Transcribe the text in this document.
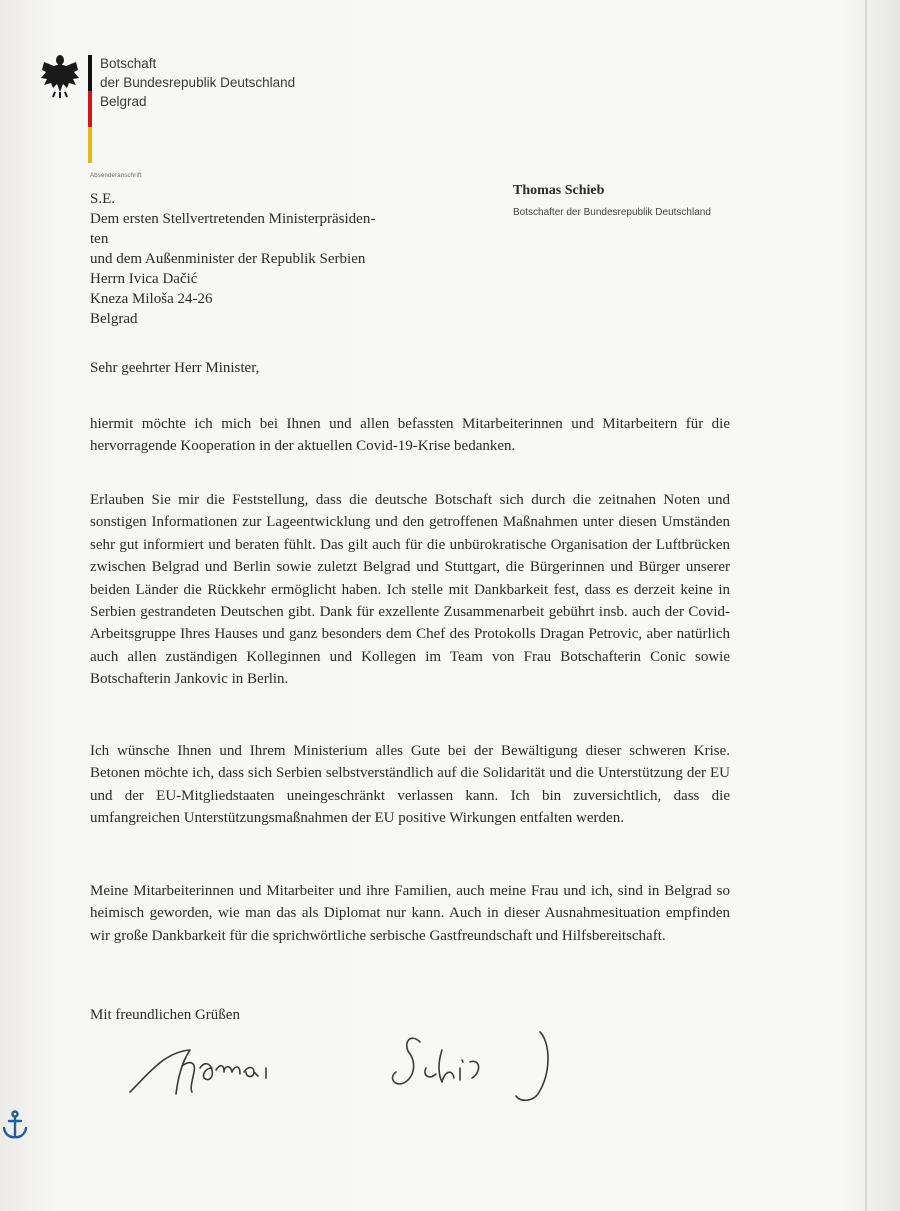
Botschaft
der Bundesrepublik Deutschland
Belgrad
Absenderanschrift
S.E.
Dem ersten Stellvertretenden Ministerpräsiden-
ten
und dem Außenminister der Republik Serbien
Herrn Ivica Dačić
Kneza Miloša 24-26
Belgrad
Thomas Schieb
Botschafter der Bundesrepublik Deutschland
Sehr geehrter Herr Minister,
hiermit möchte ich mich bei Ihnen und allen befassten Mitarbeiterinnen und Mitarbeitern für die hervorragende Kooperation in der aktuellen Covid-19-Krise bedanken.
Erlauben Sie mir die Feststellung, dass die deutsche Botschaft sich durch die zeitnahen Noten und sonstigen Informationen zur Lageentwicklung und den getroffenen Maßnahmen unter diesen Umständen sehr gut informiert und beraten fühlt. Das gilt auch für die unbürokratische Organisation der Luftbrücken zwischen Belgrad und Berlin sowie zuletzt Belgrad und Stuttgart, die Bürgerinnen und Bürger unserer beiden Länder die Rückkehr ermöglicht haben. Ich stelle mit Dankbarkeit fest, dass es derzeit keine in Serbien gestrandeten Deutschen gibt. Dank für exzellente Zusammenarbeit gebührt insb. auch der Covid-Arbeitsgruppe Ihres Hauses und ganz besonders dem Chef des Protokolls Dragan Petrovic, aber natürlich auch allen zuständigen Kolleginnen und Kollegen im Team von Frau Botschafterin Conic sowie Botschafterin Jankovic in Berlin.
Ich wünsche Ihnen und Ihrem Ministerium alles Gute bei der Bewältigung dieser schweren Krise. Betonen möchte ich, dass sich Serbien selbstverständlich auf die Solidarität und die Unterstützung der EU und der EU-Mitgliedstaaten uneingeschränkt verlassen kann. Ich bin zuversichtlich, dass die umfangreichen Unterstützungsmaßnahmen der EU positive Wirkungen entfalten werden.
Meine Mitarbeiterinnen und Mitarbeiter und ihre Familien, auch meine Frau und ich, sind in Belgrad so heimisch geworden, wie man das als Diplomat nur kann. Auch in dieser Ausnahmesituation empfinden wir große Dankbarkeit für die sprichwörtliche serbische Gastfreundschaft und Hilfsbereitschaft.
Mit freundlichen Grüßen
